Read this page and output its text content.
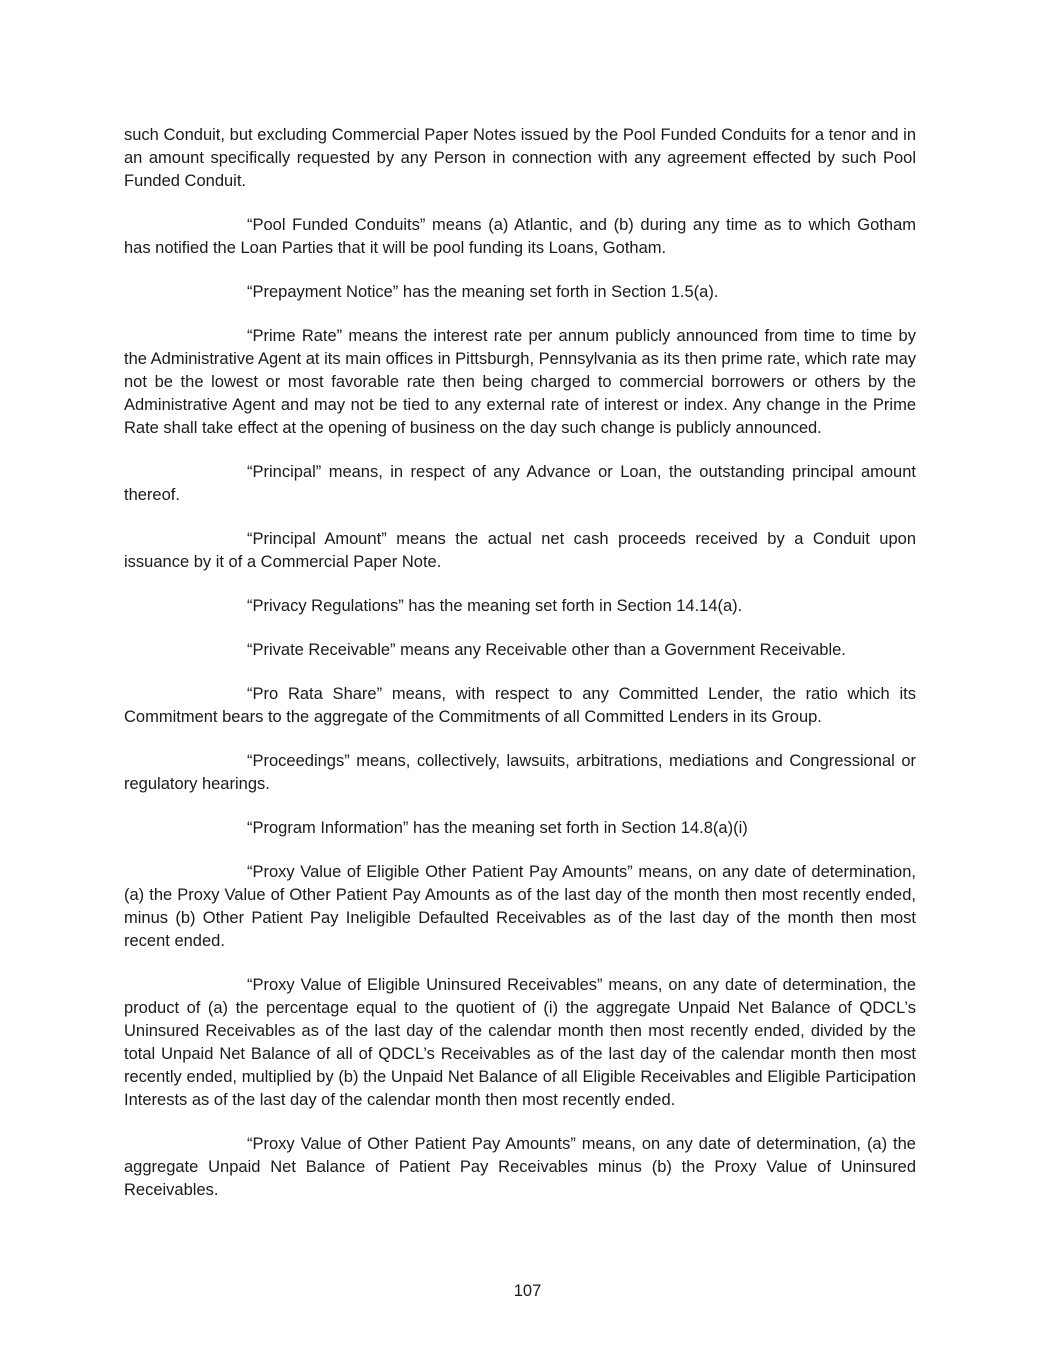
such Conduit, but excluding Commercial Paper Notes issued by the Pool Funded Conduits for a tenor and in an amount specifically requested by any Person in connection with any agreement effected by such Pool Funded Conduit.

“Pool Funded Conduits” means (a) Atlantic, and (b) during any time as to which Gotham has notified the Loan Parties that it will be pool funding its Loans, Gotham.

“Prepayment Notice” has the meaning set forth in Section 1.5(a).

“Prime Rate” means the interest rate per annum publicly announced from time to time by the Administrative Agent at its main offices in Pittsburgh, Pennsylvania as its then prime rate, which rate may not be the lowest or most favorable rate then being charged to commercial borrowers or others by the Administrative Agent and may not be tied to any external rate of interest or index. Any change in the Prime Rate shall take effect at the opening of business on the day such change is publicly announced.

“Principal” means, in respect of any Advance or Loan, the outstanding principal amount thereof.

“Principal Amount” means the actual net cash proceeds received by a Conduit upon issuance by it of a Commercial Paper Note.

“Privacy Regulations” has the meaning set forth in Section 14.14(a).

“Private Receivable” means any Receivable other than a Government Receivable.

“Pro Rata Share” means, with respect to any Committed Lender, the ratio which its Commitment bears to the aggregate of the Commitments of all Committed Lenders in its Group.

“Proceedings” means, collectively, lawsuits, arbitrations, mediations and Congressional or regulatory hearings.

“Program Information” has the meaning set forth in Section 14.8(a)(i)

“Proxy Value of Eligible Other Patient Pay Amounts” means, on any date of determination, (a) the Proxy Value of Other Patient Pay Amounts as of the last day of the month then most recently ended, minus (b) Other Patient Pay Ineligible Defaulted Receivables as of the last day of the month then most recent ended.

“Proxy Value of Eligible Uninsured Receivables” means, on any date of determination, the product of (a) the percentage equal to the quotient of (i) the aggregate Unpaid Net Balance of QDCL’s Uninsured Receivables as of the last day of the calendar month then most recently ended, divided by the total Unpaid Net Balance of all of QDCL’s Receivables as of the last day of the calendar month then most recently ended, multiplied by (b) the Unpaid Net Balance of all Eligible Receivables and Eligible Participation Interests as of the last day of the calendar month then most recently ended.

“Proxy Value of Other Patient Pay Amounts” means, on any date of determination, (a) the aggregate Unpaid Net Balance of Patient Pay Receivables minus (b) the Proxy Value of Uninsured Receivables.

107
